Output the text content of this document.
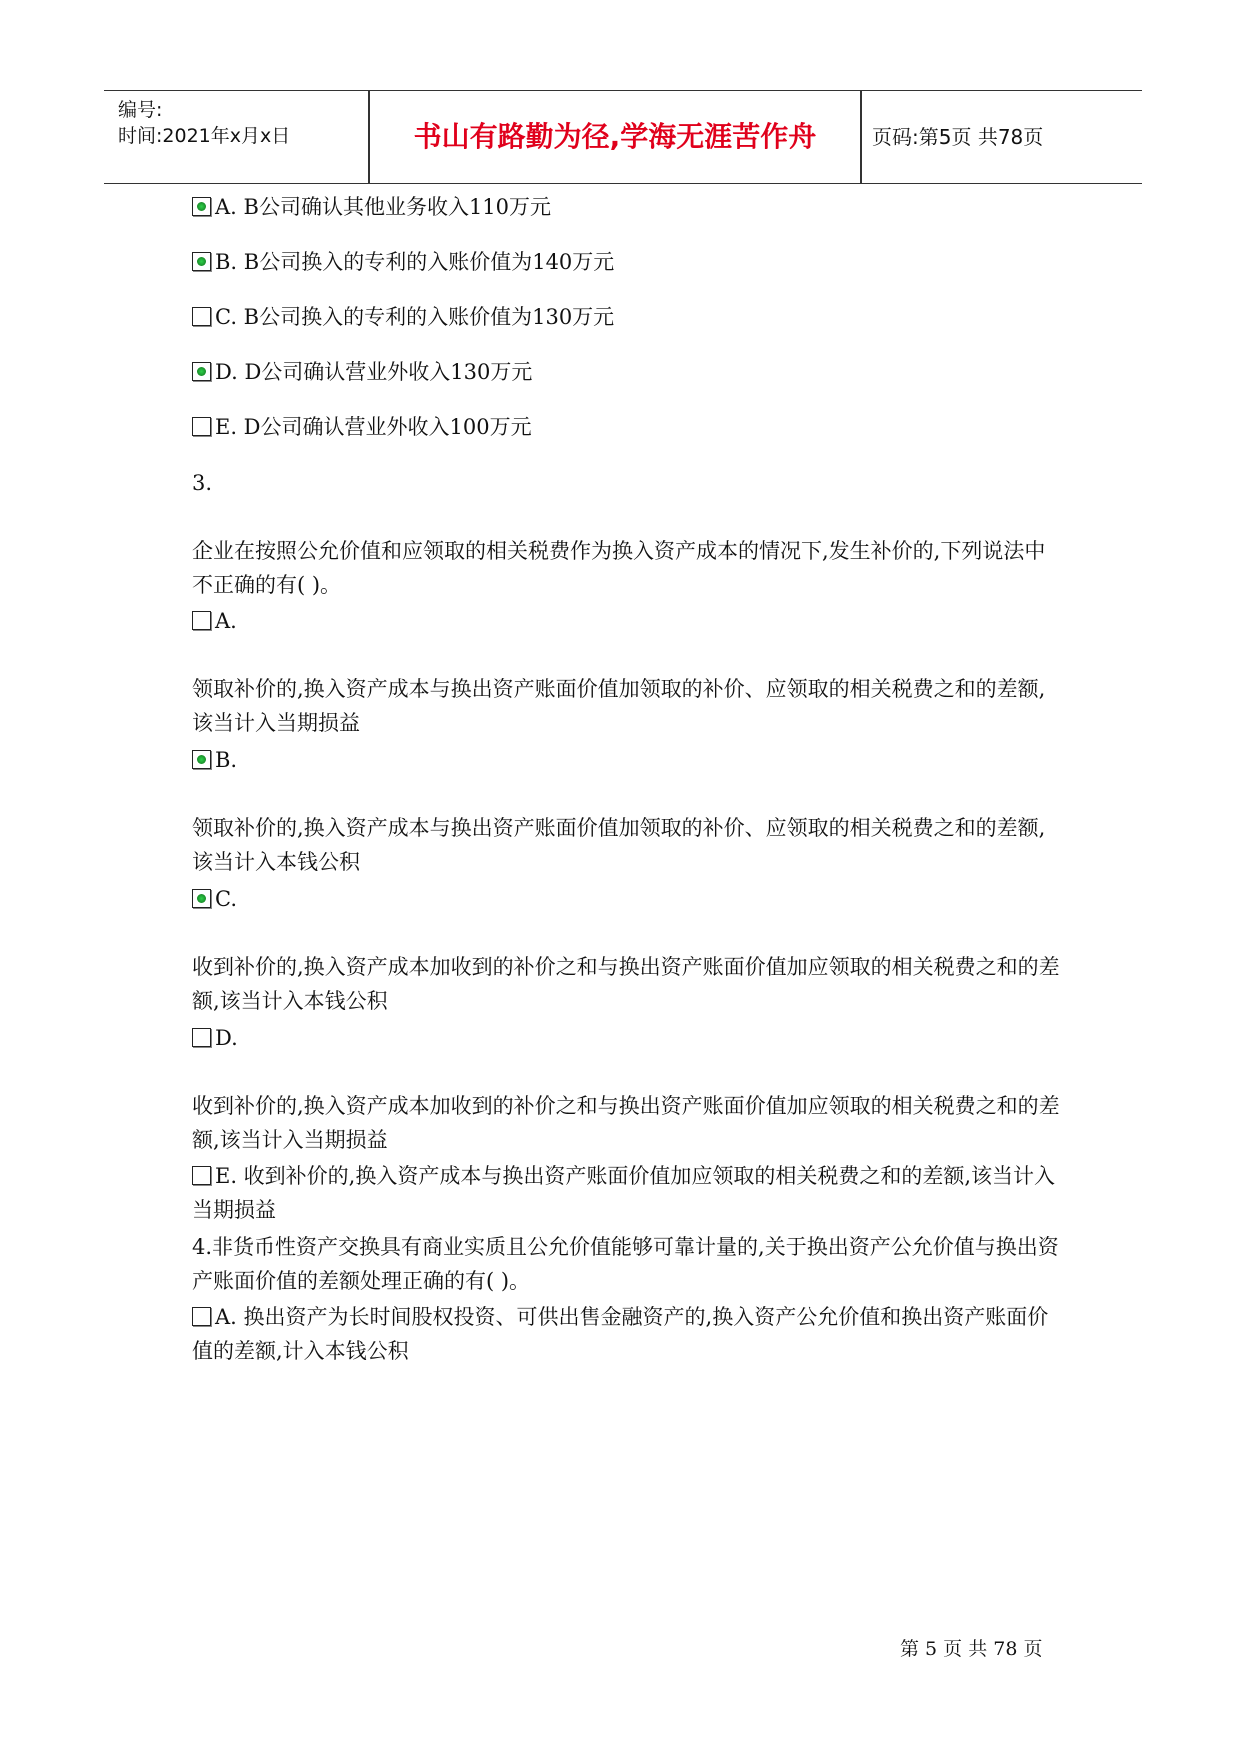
编号:
时间:2021年x月x日	书山有路勤为径,学海无涯苦作舟	页码:第5页 共78页
A. B公司确认其他业务收入110万元
B. B公司换入的专利的入账价值为140万元
C. B公司换入的专利的入账价值为130万元
D. D公司确认营业外收入130万元
E. D公司确认营业外收入100万元
3.
企业在按照公允价值和应领取的相关税费作为换入资产成本的情况下,发生补价的,下列说法中不正确的有( )。
A.
领取补价的,换入资产成本与换出资产账面价值加领取的补价、应领取的相关税费之和的差额,该当计入当期损益
B.
领取补价的,换入资产成本与换出资产账面价值加领取的补价、应领取的相关税费之和的差额,该当计入本钱公积
C.
收到补价的,换入资产成本加收到的补价之和与换出资产账面价值加应领取的相关税费之和的差额,该当计入本钱公积
D.
收到补价的,换入资产成本加收到的补价之和与换出资产账面价值加应领取的相关税费之和的差额,该当计入当期损益
E. 收到补价的,换入资产成本与换出资产账面价值加应领取的相关税费之和的差额,该当计入当期损益
4.非货币性资产交换具有商业实质且公允价值能够可靠计量的,关于换出资产公允价值与换出资产账面价值的差额处理正确的有( )。
A. 换出资产为长时间股权投资、可供出售金融资产的,换入资产公允价值和换出资产账面价值的差额,计入本钱公积
第 5 页 共 78 页
